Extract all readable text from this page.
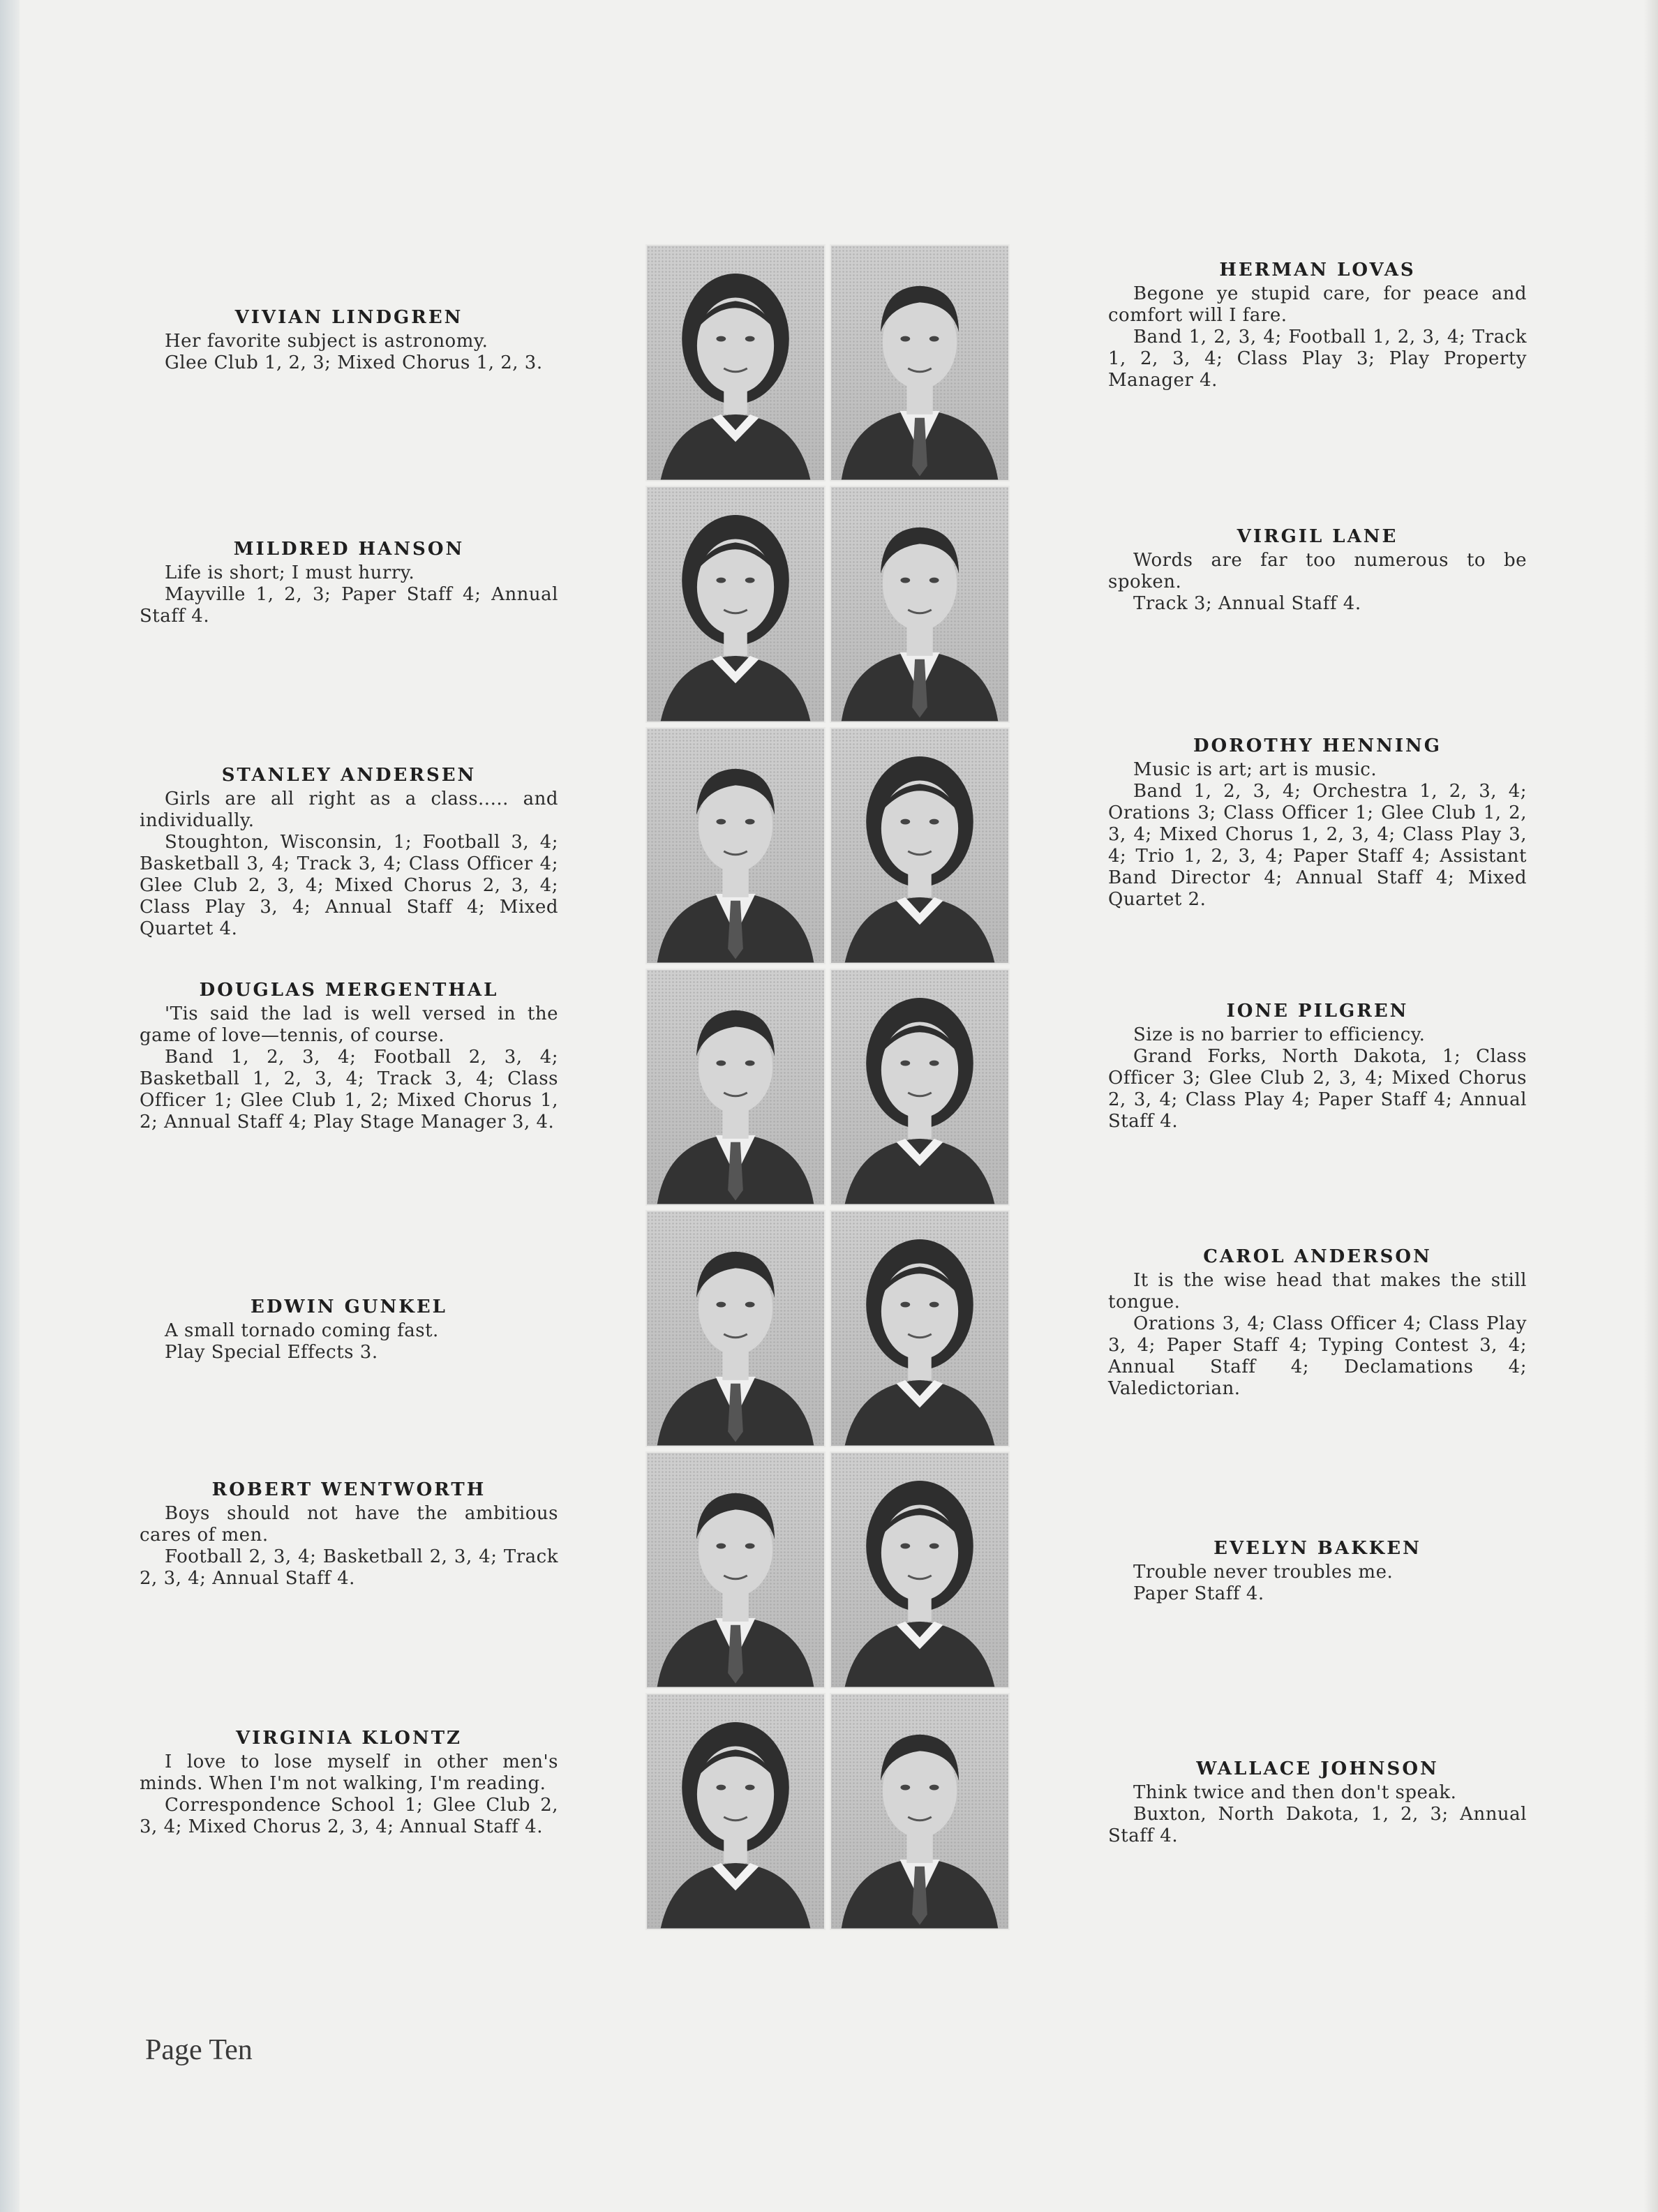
VIVIAN LINDGREN
Her favorite subject is astronomy.
Glee Club 1, 2, 3; Mixed Chorus 1, 2, 3.
MILDRED HANSON
Life is short; I must hurry.
Mayville 1, 2, 3; Paper Staff 4; Annual Staff 4.
STANLEY ANDERSEN
Girls are all right as a class..... and individually.
Stoughton, Wisconsin, 1; Football 3, 4; Basketball 3, 4; Track 3, 4; Class Officer 4; Glee Club 2, 3, 4; Mixed Chorus 2, 3, 4; Class Play 3, 4; Annual Staff 4; Mixed Quartet 4.
DOUGLAS MERGENTHAL
'Tis said the lad is well versed in the game of love—tennis, of course.
Band 1, 2, 3, 4; Football 2, 3, 4; Basketball 1, 2, 3, 4; Track 3, 4; Class Officer 1; Glee Club 1, 2; Mixed Chorus 1, 2; Annual Staff 4; Play Stage Manager 3, 4.
EDWIN GUNKEL
A small tornado coming fast.
Play Special Effects 3.
ROBERT WENTWORTH
Boys should not have the ambitious cares of men.
Football 2, 3, 4; Basketball 2, 3, 4; Track 2, 3, 4; Annual Staff 4.
VIRGINIA KLONTZ
I love to lose myself in other men's minds. When I'm not walking, I'm reading.
Correspondence School 1; Glee Club 2, 3, 4; Mixed Chorus 2, 3, 4; Annual Staff 4.
HERMAN LOVAS
Begone ye stupid care, for peace and comfort will I fare.
Band 1, 2, 3, 4; Football 1, 2, 3, 4; Track 1, 2, 3, 4; Class Play 3; Play Property Manager 4.
VIRGIL LANE
Words are far too numerous to be spoken.
Track 3; Annual Staff 4.
DOROTHY HENNING
Music is art; art is music.
Band 1, 2, 3, 4; Orchestra 1, 2, 3, 4; Orations 3; Class Officer 1; Glee Club 1, 2, 3, 4; Mixed Chorus 1, 2, 3, 4; Class Play 3, 4; Trio 1, 2, 3, 4; Paper Staff 4; Assistant Band Director 4; Annual Staff 4; Mixed Quartet 2.
IONE PILGREN
Size is no barrier to efficiency.
Grand Forks, North Dakota, 1; Class Officer 3; Glee Club 2, 3, 4; Mixed Chorus 2, 3, 4; Class Play 4; Paper Staff 4; Annual Staff 4.
CAROL ANDERSON
It is the wise head that makes the still tongue.
Orations 3, 4; Class Officer 4; Class Play 3, 4; Paper Staff 4; Typing Contest 3, 4; Annual Staff 4; Declamations 4; Valedictorian.
EVELYN BAKKEN
Trouble never troubles me.
Paper Staff 4.
WALLACE JOHNSON
Think twice and then don't speak.
Buxton, North Dakota, 1, 2, 3; Annual Staff 4.
Page Ten
